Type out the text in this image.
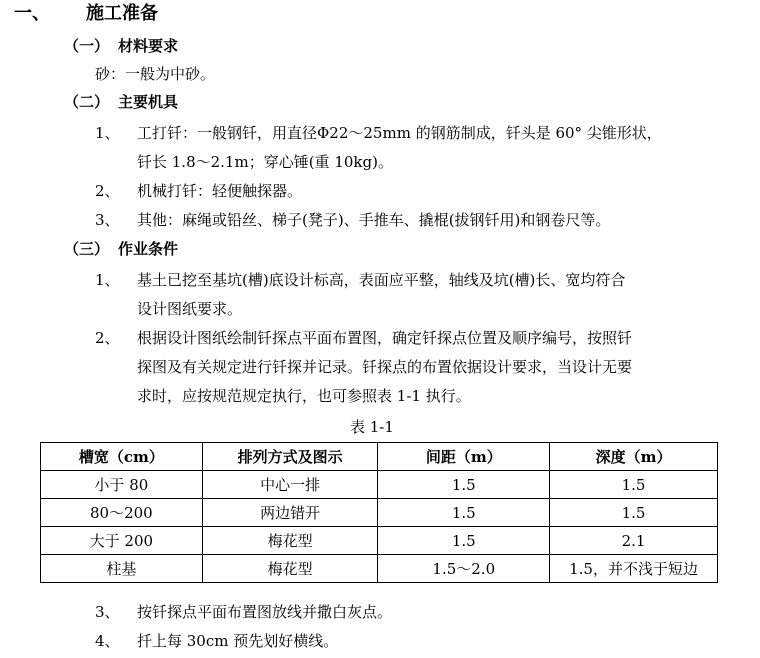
一、 施工准备
（一） 材料要求
砂：一般为中砂。
（二） 主要机具
1、 工打钎：一般钢钎，用直径Φ22～25mm 的钢筋制成，钎头是 60° 尖锥形状，
钎长 1.8～2.1m；穿心锤(重 10kg)。
2、 机械打钎：轻便触探器。
3、 其他：麻绳或铅丝、梯子(凳子)、手推车、撬棍(拔钢钎用)和钢卷尺等。
（三） 作业条件
1、 基土已挖至基坑(槽)底设计标高，表面应平整，轴线及坑(槽)长、宽均符合
设计图纸要求。
2、 根据设计图纸绘制钎探点平面布置图，确定钎探点位置及顺序编号，按照钎
探图及有关规定进行钎探并记录。钎探点的布置依据设计要求，当设计无要
求时，应按规范规定执行，也可参照表 1-1 执行。
表 1-1
槽宽（cm）	排列方式及图示	间距（m）	深度（m）
小于 80	中心一排	1.5	1.5
80～200	两边错开	1.5	1.5
大于 200	梅花型	1.5	2.1
柱基	梅花型	1.5～2.0	1.5，并不浅于短边
3、 按钎探点平面布置图放线并撒白灰点。
4、 扦上每 30cm 预先划好横线。
